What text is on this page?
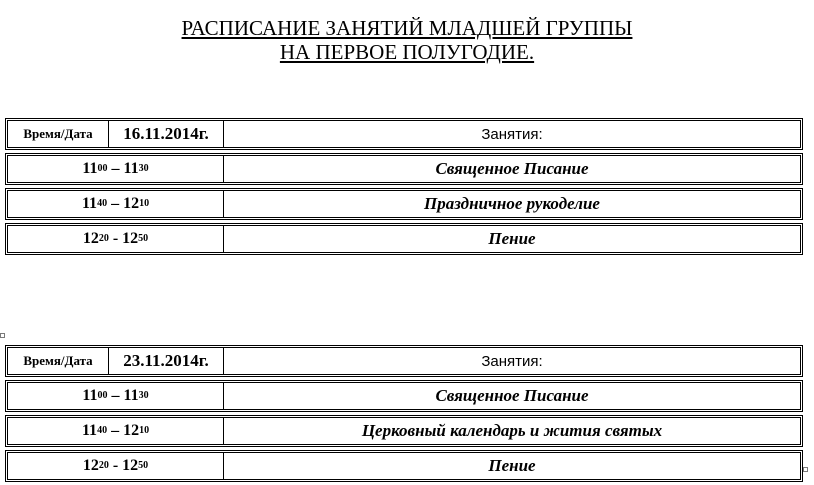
РАСПИСАНИЕ ЗАНЯТИЙ МЛАДШЕЙ ГРУППЫ
НА ПЕРВОЕ ПОЛУГОДИЕ.
Время/Дата	16.11.2014г.	Занятия:
11 00
–
11 30	Священное Писание
11 40
–
12 10	Праздничное рукоделие
12 20
-
12 50	Пение
Время/Дата	23.11.2014г.	Занятия:
11 00
–
11 30	Священное Писание
11 40
–
12 10	Церковный календарь и жития святых
12 20
-
12 50	Пение
